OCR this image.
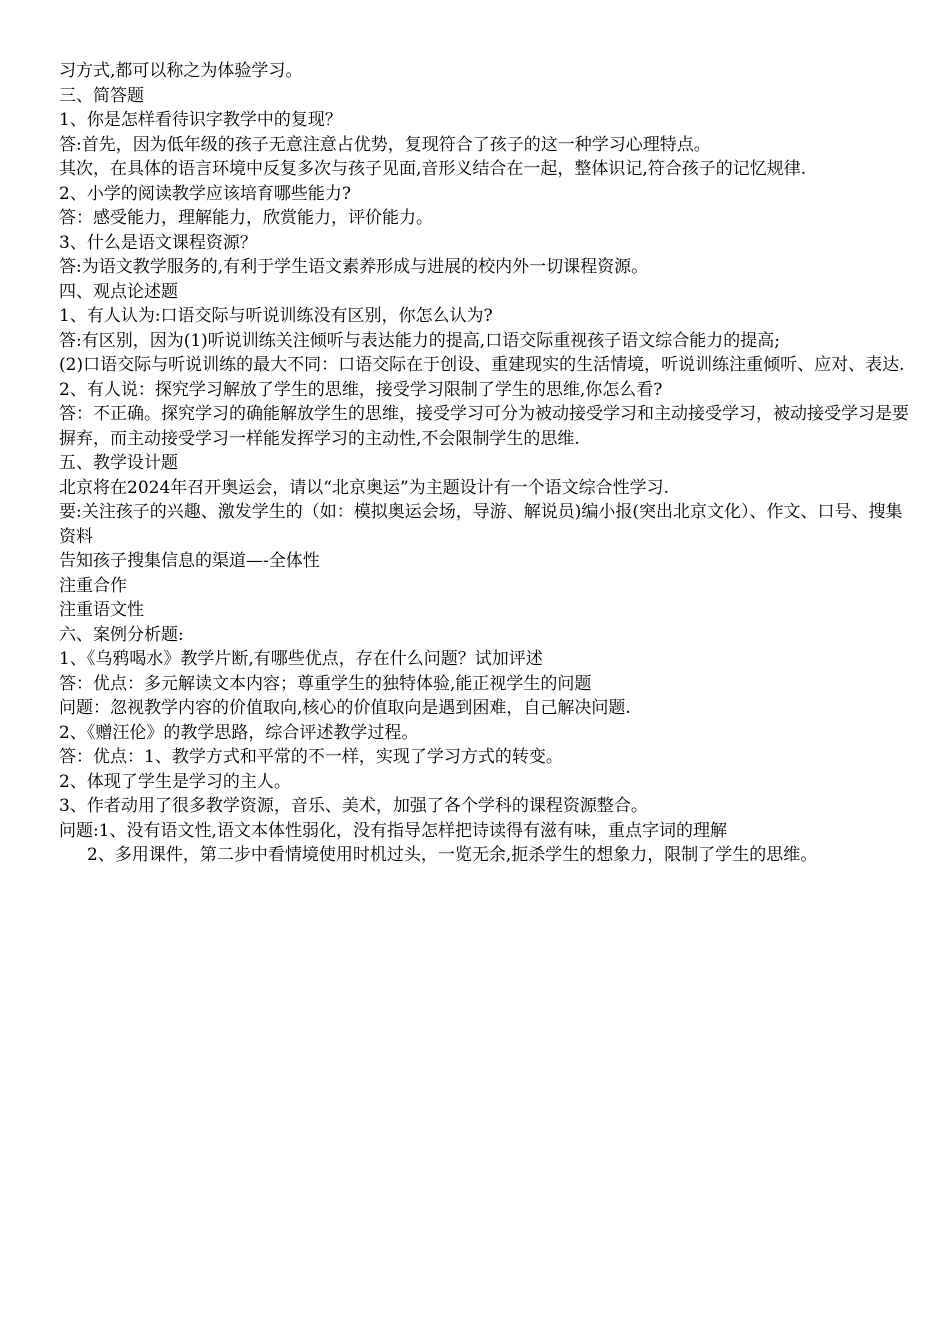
习方式,都可以称之为体验学习。

三、简答题

1、你是怎样看待识字教学中的复现？

答:首先，因为低年级的孩子无意注意占优势，复现符合了孩子的这一种学习心理特点。

其次，在具体的语言环境中反复多次与孩子见面,音形义结合在一起，整体识记,符合孩子的记忆规律.

2、小学的阅读教学应该培育哪些能力?

答：感受能力，理解能力，欣赏能力，评价能力。

3、什么是语文课程资源？

答:为语文教学服务的,有利于学生语文素养形成与进展的校内外一切课程资源。

四、观点论述题

1、有人认为:口语交际与听说训练没有区别，你怎么认为?

答:有区别，因为(1)听说训练关注倾听与表达能力的提高,口语交际重视孩子语文综合能力的提高;

(2)口语交际与听说训练的最大不同：口语交际在于创设、重建现实的生活情境，听说训练注重倾听、应对、表达.

2、有人说：探究学习解放了学生的思维，接受学习限制了学生的思维,你怎么看?

答：不正确。探究学习的确能解放学生的思维，接受学习可分为被动接受学习和主动接受学习，被动接受学习是要摒弃，而主动接受学习一样能发挥学习的主动性,不会限制学生的思维.

五、教学设计题

北京将在2024年召开奥运会，请以“北京奥运”为主题设计有一个语文综合性学习.

要:关注孩子的兴趣、激发学生的（如：模拟奥运会场，导游、解说员)编小报(突出北京文化）、作文、口号、搜集资料

告知孩子搜集信息的渠道—-全体性

注重合作

注重语文性

六、案例分析题:

1、《乌鸦喝水》教学片断,有哪些优点，存在什么问题？试加评述

答：优点：多元解读文本内容；尊重学生的独特体验,能正视学生的问题

问题：忽视教学内容的价值取向,核心的价值取向是遇到困难，自己解决问题.

2、《赠汪伦》的教学思路，综合评述教学过程。

答：优点：1、教学方式和平常的不一样，实现了学习方式的转变。

2、体现了学生是学习的主人。

3、作者动用了很多教学资源，音乐、美术，加强了各个学科的课程资源整合。

问题:1、没有语文性,语文本体性弱化，没有指导怎样把诗读得有滋有味，重点字词的理解

2、多用课件，第二步中看情境使用时机过头，一览无余,扼杀学生的想象力，限制了学生的思维。
